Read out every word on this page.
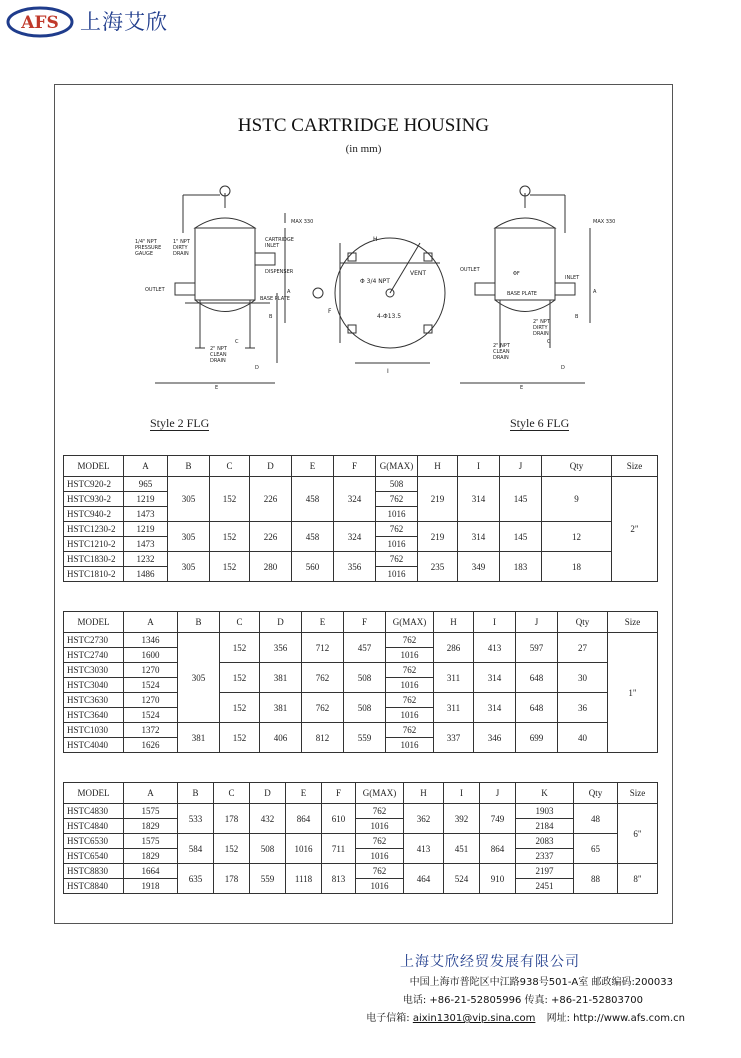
AFS 上海艾欣
HSTC CARTRIDGE HOUSING
(in mm)
1/4" NPT
PRESSURE
GAUGE
1" NPT
DIRTY
DRAIN
CARTRIDGE
INLET
DISPENSER
OUTLET
BASE PLATE
2" NPT
CLEAN
DRAIN
MAX 330
A
B
C
D
E
H
VENT
4-Φ13.5
I
F
Φ 3/4 NPT
OUTLET
INLET
BASE PLATE
2" NPT
DIRTY
DRAIN
2" NPT
CLEAN
DRAIN
MAX 330
ΦF
A
B
C
D
E
Style 2 FLG	Style 6 FLG
MODEL	A	B	C	D	E	F	G(MAX)	H	I	J	Qty	Size
HSTC920-2	965	305	152	226	458	324	508	219	314	145	9	2"
HSTC930-2	1219						762					
HSTC940-2	1473						1016					
HSTC1230-2	1219	305	152	226	458	324	762	219	314	145	12	
HSTC1210-2	1473						1016					
HSTC1830-2	1232	305	152	280	560	356	762	235	349	183	18	
HSTC1810-2	1486						1016					
MODEL	A	B	C	D	E	F	G(MAX)	H	I	J	Qty	Size
HSTC2730	1346	305	152	356	712	457	762	286	413	597	27	1"
HSTC2740	1600						1016					
HSTC3030	1270		152	381	762	508	762	311	314	648	30	
HSTC3040	1524						1016					
HSTC3630	1270		152	381	762	508	762	311	314	648	36	
HSTC3640	1524						1016					
HSTC1030	1372	381	152	406	812	559	762	337	346	699	40	
HSTC4040	1626						1016					
MODEL	A	B	C	D	E	F	G(MAX)	H	I	J	K	Qty	Size
HSTC4830	1575	533	178	432	864	610	762	362	392	749	1903	48	6"
HSTC4840	1829						1016				2184		
HSTC6530	1575	584	152	508	1016	711	762	413	451	864	2083	65	
HSTC6540	1829						1016				2337		
HSTC8830	1664	635	178	559	1118	813	762	464	524	910	2197	88	8"
HSTC8840	1918						1016				2451		
上海艾欣经贸发展有限公司
中国上海市普陀区中江路938号501-A室 邮政编码:200033
电话: +86-21-52805996 传真: +86-21-52803700
电子信箱: aixin1301@vip.sina.com 网址: http://www.afs.com.cn
